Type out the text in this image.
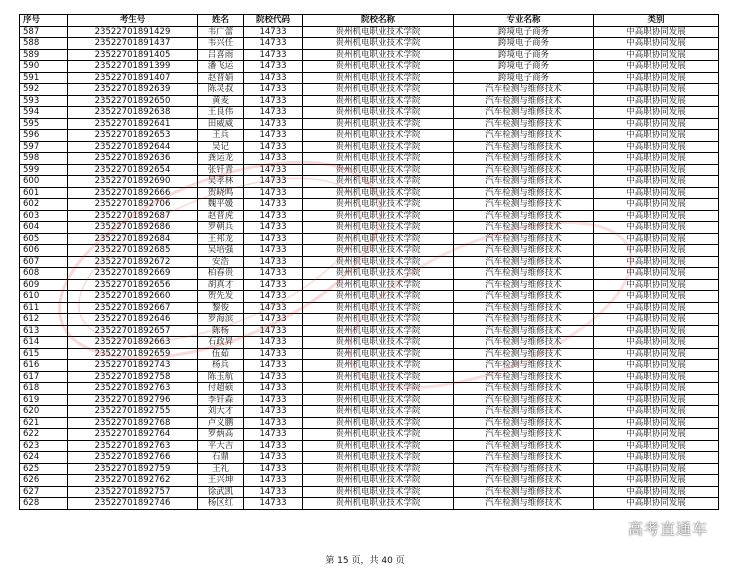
序号	考生号	姓名	院校代码	院校名称	专业名称	类别
587	23522701891429	韦广蕾	14733	贵州机电职业技术学院	跨境电子商务	中高职协同发展
588	23522701891437	韦兴任	14733	贵州机电职业技术学院	跨境电子商务	中高职协同发展
589	23522701891405	吕喜雨	14733	贵州机电职业技术学院	跨境电子商务	中高职协同发展
590	23522701891399	潘飞运	14733	贵州机电职业技术学院	跨境电子商务	中高职协同发展
591	23522701891407	赵晋娟	14733	贵州机电职业技术学院	跨境电子商务	中高职协同发展
592	23522701892639	陈灵叔	14733	贵州机电职业技术学院	汽车检测与维修技术	中高职协同发展
593	23522701892650	黄麦	14733	贵州机电职业技术学院	汽车检测与维修技术	中高职协同发展
594	23522701892638	王良伟	14733	贵州机电职业技术学院	汽车检测与维修技术	中高职协同发展
595	23522701892641	田威威	14733	贵州机电职业技术学院	汽车检测与维修技术	中高职协同发展
596	23522701892653	王兵	14733	贵州机电职业技术学院	汽车检测与维修技术	中高职协同发展
597	23522701892644	吴记	14733	贵州机电职业技术学院	汽车检测与维修技术	中高职协同发展
598	23522701892636	龚运龙	14733	贵州机电职业技术学院	汽车检测与维修技术	中高职协同发展
599	23522701892654	张钎青	14733	贵州机电职业技术学院	汽车检测与维修技术	中高职协同发展
600	23522701892690	吴孝林	14733	贵州机电职业技术学院	汽车检测与维修技术	中高职协同发展
601	23522701892666	贺晓鸣	14733	贵州机电职业技术学院	汽车检测与维修技术	中高职协同发展
602	23522701892706	魏平媛	14733	贵州机电职业技术学院	汽车检测与维修技术	中高职协同发展
603	23522701892687	赵晋虎	14733	贵州机电职业技术学院	汽车检测与维修技术	中高职协同发展
604	23522701892686	罗朝兵	14733	贵州机电职业技术学院	汽车检测与维修技术	中高职协同发展
605	23522701892684	王邦龙	14733	贵州机电职业技术学院	汽车检测与维修技术	中高职协同发展
606	23522701892685	吴培强	14733	贵州机电职业技术学院	汽车检测与维修技术	中高职协同发展
607	23522701892672	安浩	14733	贵州机电职业技术学院	汽车检测与维修技术	中高职协同发展
608	23522701892669	柏春贵	14733	贵州机电职业技术学院	汽车检测与维修技术	中高职协同发展
609	23522701892656	胡真才	14733	贵州机电职业技术学院	汽车检测与维修技术	中高职协同发展
610	23522701892660	贺先发	14733	贵州机电职业技术学院	汽车检测与维修技术	中高职协同发展
611	23522701892667	黎俊	14733	贵州机电职业技术学院	汽车检测与维修技术	中高职协同发展
612	23522701892646	罗海滨	14733	贵州机电职业技术学院	汽车检测与维修技术	中高职协同发展
613	23522701892657	陈杨	14733	贵州机电职业技术学院	汽车检测与维修技术	中高职协同发展
614	23522701892663	石政昇	14733	贵州机电职业技术学院	汽车检测与维修技术	中高职协同发展
615	23522701892659	伍茹	14733	贵州机电职业技术学院	汽车检测与维修技术	中高职协同发展
616	23522701892743	杨兵	14733	贵州机电职业技术学院	汽车检测与维修技术	中高职协同发展
617	23522701892758	陈玉航	14733	贵州机电职业技术学院	汽车检测与维修技术	中高职协同发展
618	23522701892763	付超硕	14733	贵州机电职业技术学院	汽车检测与维修技术	中高职协同发展
619	23522701892796	李钎森	14733	贵州机电职业技术学院	汽车检测与维修技术	中高职协同发展
620	23522701892755	刘大才	14733	贵州机电职业技术学院	汽车检测与维修技术	中高职协同发展
621	23522701892768	卢义鹏	14733	贵州机电职业技术学院	汽车检测与维修技术	中高职协同发展
622	23522701892764	罗炳高	14733	贵州机电职业技术学院	汽车检测与维修技术	中高职协同发展
623	23522701892763	平大吉	14733	贵州机电职业技术学院	汽车检测与维修技术	中高职协同发展
624	23522701892766	石鼎	14733	贵州机电职业技术学院	汽车检测与维修技术	中高职协同发展
625	23522701892759	王礼	14733	贵州机电职业技术学院	汽车检测与维修技术	中高职协同发展
626	23522701892762	王兴坤	14733	贵州机电职业技术学院	汽车检测与维修技术	中高职协同发展
627	23522701892757	徐武凯	14733	贵州机电职业技术学院	汽车检测与维修技术	中高职协同发展
628	23522701892746	杨区红	14733	贵州机电职业技术学院	汽车检测与维修技术	中高职协同发展
第 15 页，共 40 页
高考直通车
